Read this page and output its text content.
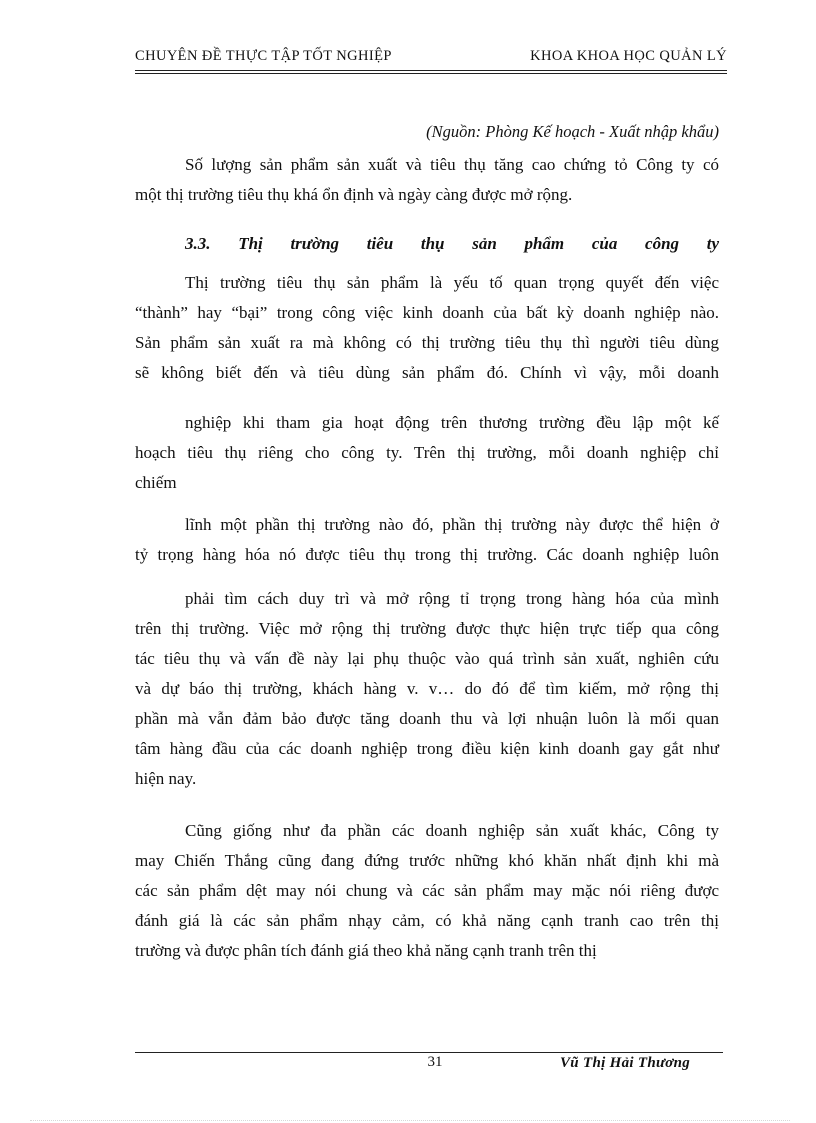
CHUYÊN ĐỀ THỰC TẬP TỐT NGHIỆP	KHOA KHOA HỌC QUẢN LÝ
(Nguồn: Phòng Kế hoạch - Xuất nhập khẩu)
Số lượng sản phẩm sản xuất và tiêu thụ tăng cao chứng tỏ Công ty có
một thị trường tiêu thụ khá ổn định và ngày càng được mở rộng.
3.3. Thị trường tiêu thụ sản phẩm của công ty
Thị trường tiêu thụ sản phẩm là yếu tố quan trọng quyết đến việc
“thành” hay “bại” trong công việc kinh doanh của bất kỳ doanh nghiệp nào.
Sản phẩm sản xuất ra mà không có thị trường tiêu thụ thì người tiêu dùng
sẽ không biết đến và tiêu dùng sản phẩm đó. Chính vì vậy, mỗi doanh
nghiệp khi tham gia hoạt động trên thương trường đều lập một kế
hoạch tiêu thụ riêng cho công ty. Trên thị trường, mỗi doanh nghiệp chỉ
chiếm
lĩnh một phần thị trường nào đó, phần thị trường này được thể hiện ở
tỷ trọng hàng hóa nó được tiêu thụ trong thị trường. Các doanh nghiệp luôn
phải tìm cách duy trì và mở rộng tỉ trọng trong hàng hóa của mình
trên thị trường. Việc mở rộng thị trường được thực hiện trực tiếp qua công
tác tiêu thụ và vấn đề này lại phụ thuộc vào quá trình sản xuất, nghiên cứu
và dự báo thị trường, khách hàng v. v… do đó để tìm kiếm, mở rộng thị
phần mà vẫn đảm bảo được tăng doanh thu và lợi nhuận luôn là mối quan
tâm hàng đầu của các doanh nghiệp trong điều kiện kinh doanh gay gắt như
hiện nay.
Cũng giống như đa phần các doanh nghiệp sản xuất khác, Công ty
may Chiến Thắng cũng đang đứng trước những khó khăn nhất định khi mà
các sản phẩm dệt may nói chung và các sản phẩm may mặc nói riêng được
đánh giá là các sản phẩm nhạy cảm, có khả năng cạnh tranh cao trên thị
trường và được phân tích đánh giá theo khả năng cạnh tranh trên thị
31	Vũ Thị Hải Thương
